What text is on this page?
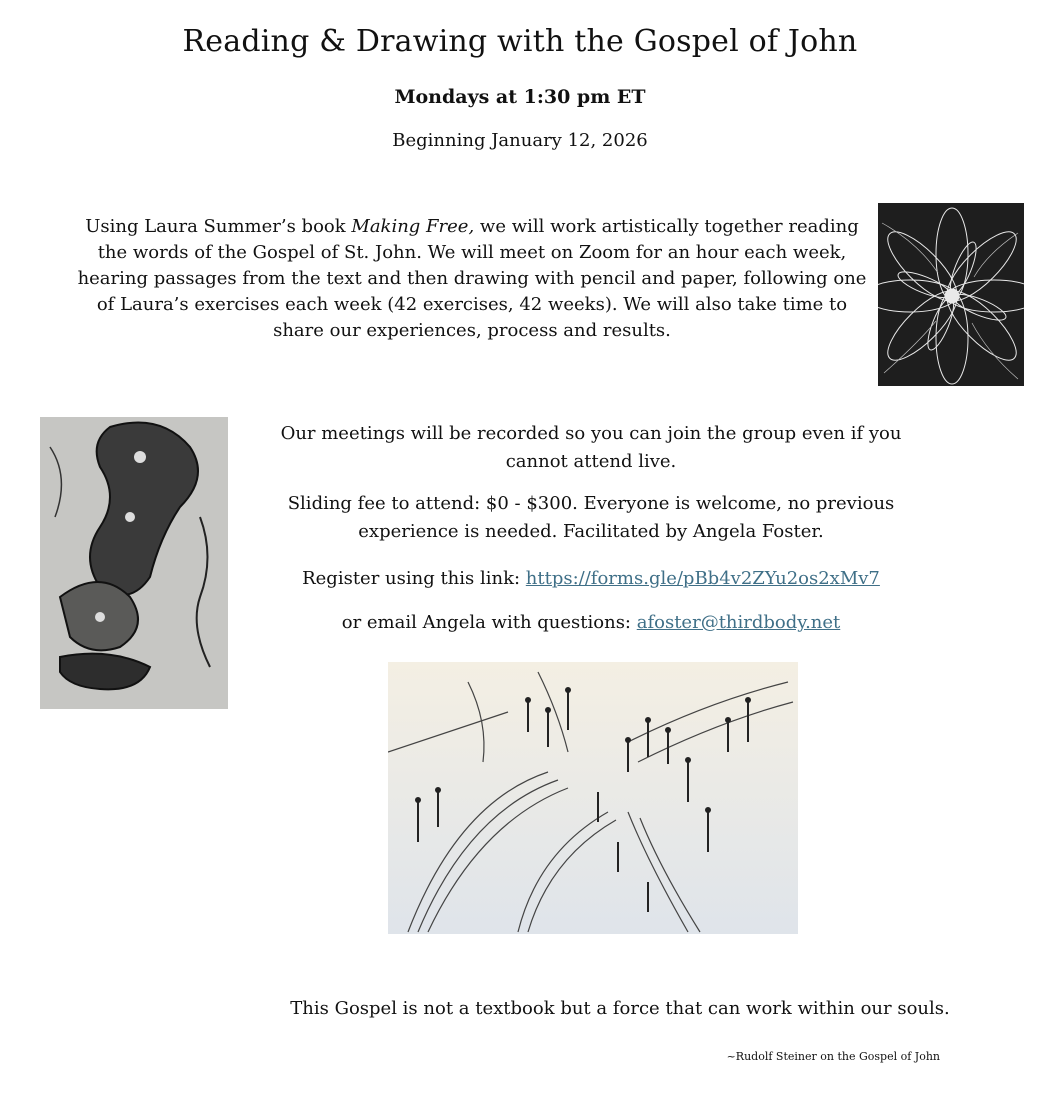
Reading & Drawing with the Gospel of John
Mondays at 1:30 pm ET
Beginning January 12, 2026
Using Laura Summer’s book Making Free, we will work artistically together reading the words of the Gospel of St. John. We will meet on Zoom for an hour each week, hearing passages from the text and then drawing with pencil and paper, following one of Laura’s exercises each week (42 exercises, 42 weeks). We will also take time to share our experiences, process and results.
Our meetings will be recorded so you can join the group even if you cannot attend live.
Sliding fee to attend: $0 - $300. Everyone is welcome, no previous experience is needed. Facilitated by Angela Foster.
Register using this link: https://forms.gle/pBb4v2ZYu2os2xMv7
or email Angela with questions: afoster@thirdbody.net
This Gospel is not a textbook but a force that can work within our souls.
~Rudolf Steiner on the Gospel of John
